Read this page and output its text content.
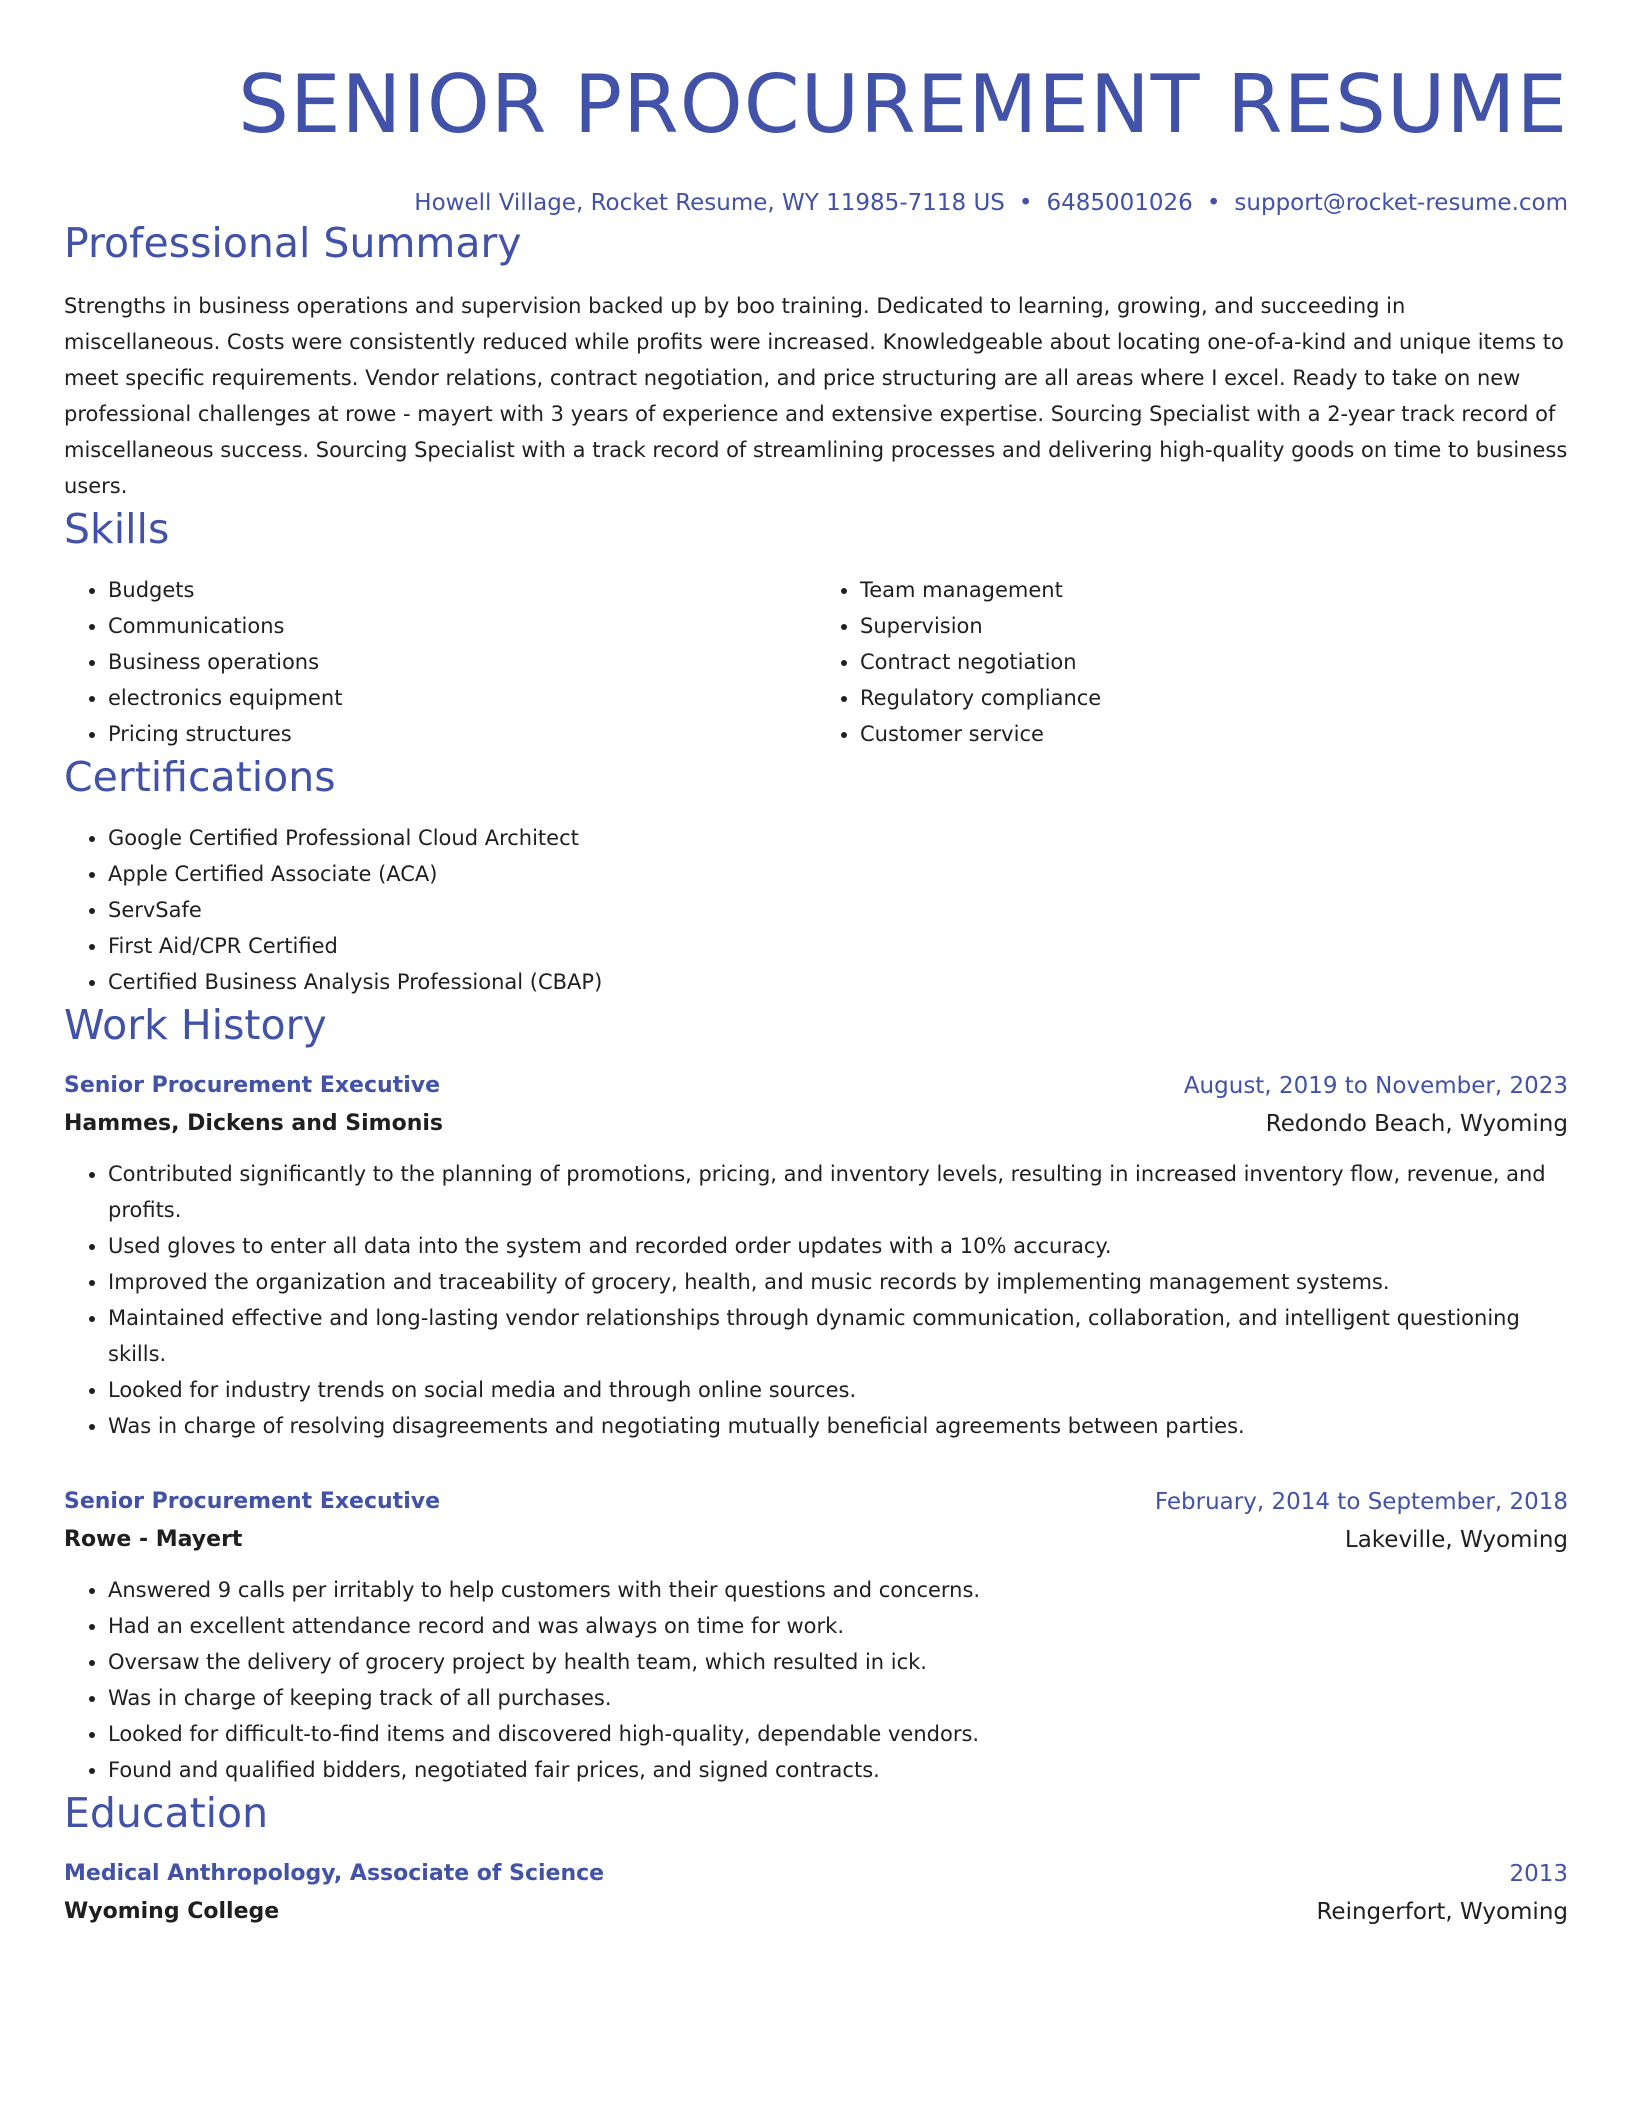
SENIOR PROCUREMENT RESUME
Howell Village, Rocket Resume, WY 11985-7118 US • 6485001026 • support@rocket-resume.com
Professional Summary
Strengths in business operations and supervision backed up by boo training. Dedicated to learning, growing, and succeeding in miscellaneous. Costs were consistently reduced while profits were increased. Knowledgeable about locating one-of-a-kind and unique items to meet specific requirements. Vendor relations, contract negotiation, and price structuring are all areas where I excel. Ready to take on new professional challenges at rowe - mayert with 3 years of experience and extensive expertise. Sourcing Specialist with a 2-year track record of miscellaneous success. Sourcing Specialist with a track record of streamlining processes and delivering high-quality goods on time to business users.
Skills
• Budgets
• Communications
• Business operations
• electronics equipment
• Pricing structures
• Team management
• Supervision
• Contract negotiation
• Regulatory compliance
• Customer service
Certifications
• Google Certified Professional Cloud Architect
• Apple Certified Associate (ACA)
• ServSafe
• First Aid/CPR Certified
• Certified Business Analysis Professional (CBAP)
Work History
Senior Procurement Executive	August, 2019 to November, 2023
Hammes, Dickens and Simonis	Redondo Beach, Wyoming
• Contributed significantly to the planning of promotions, pricing, and inventory levels, resulting in increased inventory flow, revenue, and profits.
• Used gloves to enter all data into the system and recorded order updates with a 10% accuracy.
• Improved the organization and traceability of grocery, health, and music records by implementing management systems.
• Maintained effective and long-lasting vendor relationships through dynamic communication, collaboration, and intelligent questioning skills.
• Looked for industry trends on social media and through online sources.
• Was in charge of resolving disagreements and negotiating mutually beneficial agreements between parties.
Senior Procurement Executive	February, 2014 to September, 2018
Rowe - Mayert	Lakeville, Wyoming
• Answered 9 calls per irritably to help customers with their questions and concerns.
• Had an excellent attendance record and was always on time for work.
• Oversaw the delivery of grocery project by health team, which resulted in ick.
• Was in charge of keeping track of all purchases.
• Looked for difficult-to-find items and discovered high-quality, dependable vendors.
• Found and qualified bidders, negotiated fair prices, and signed contracts.
Education
Medical Anthropology, Associate of Science	2013
Wyoming College	Reingerfort, Wyoming
